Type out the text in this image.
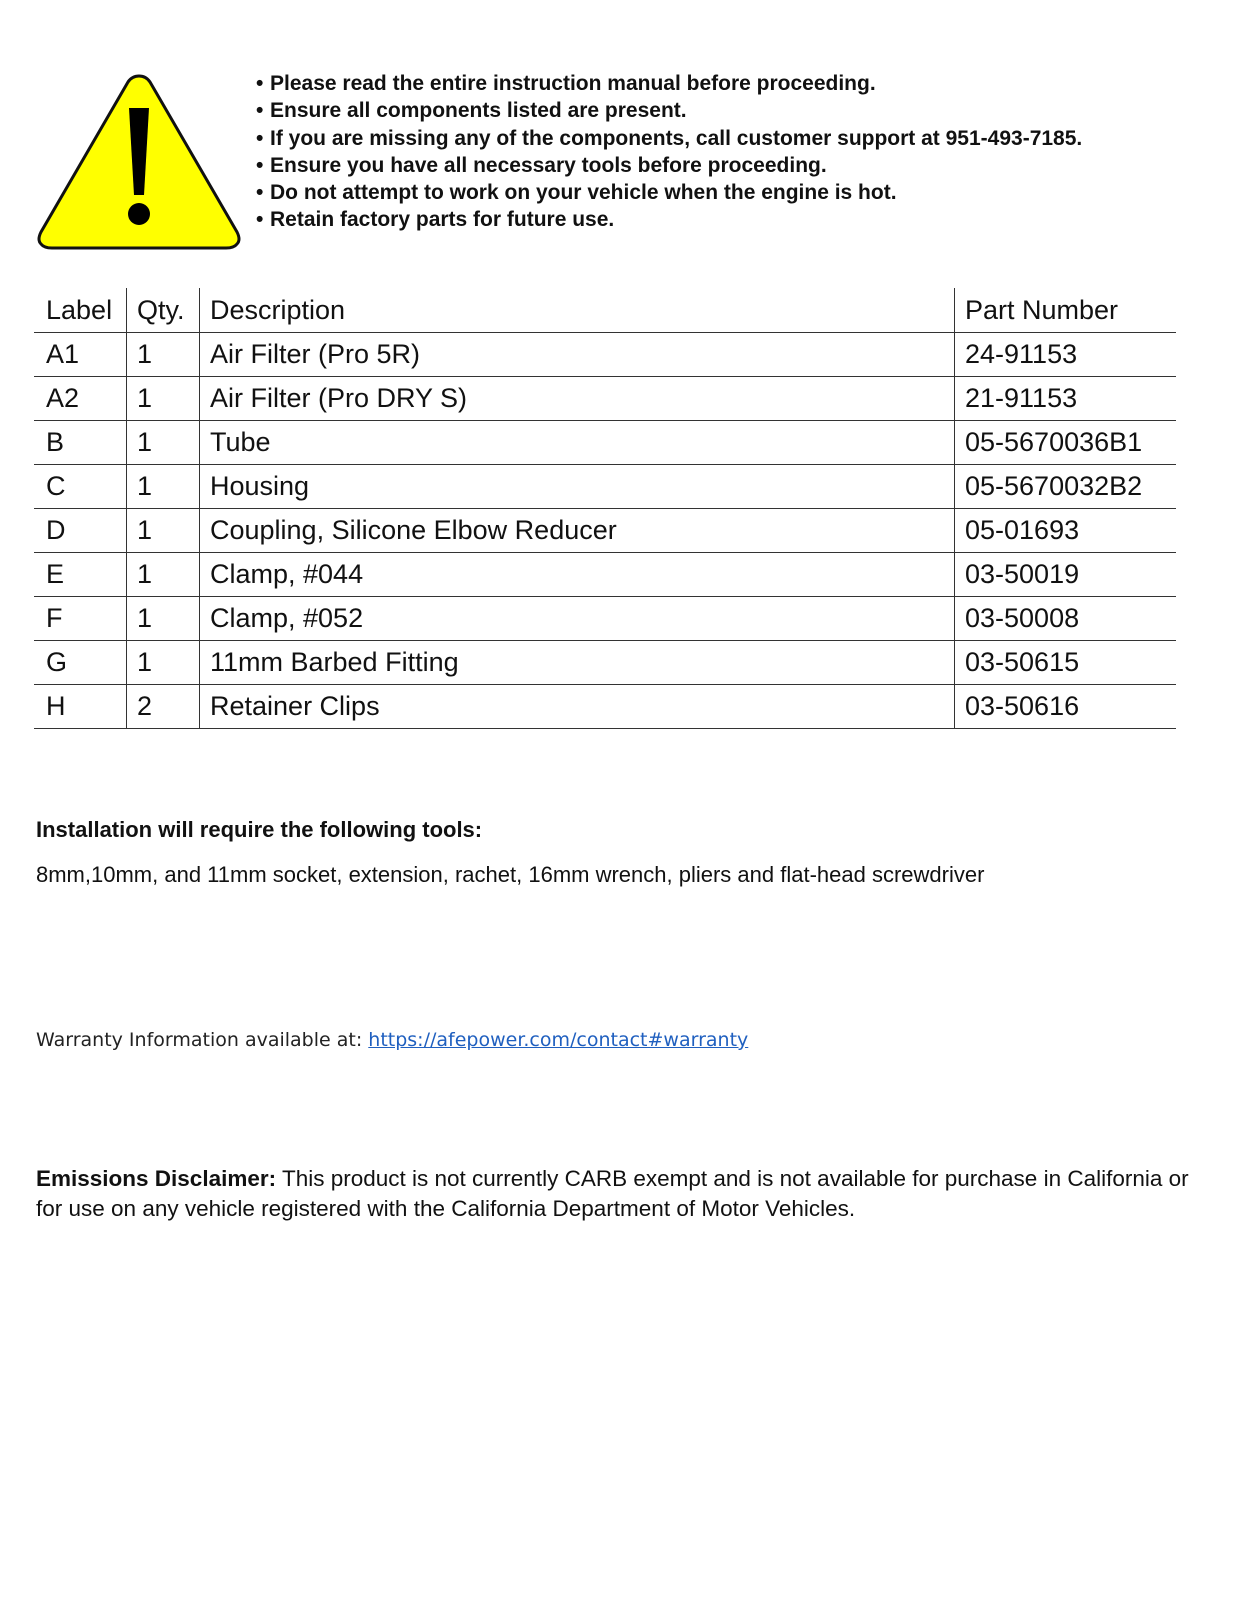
• Please read the entire instruction manual before proceeding.
• Ensure all components listed are present.
• If you are missing any of the components, call customer support at 951-493-7185.
• Ensure you have all necessary tools before proceeding.
• Do not attempt to work on your vehicle when the engine is hot.
• Retain factory parts for future use.
Label	Qty.	Description	Part Number
A1	1	Air Filter (Pro 5R)	24-91153
A2	1	Air Filter (Pro DRY S)	21-91153
B	1	Tube	05-5670036B1
C	1	Housing	05-5670032B2
D	1	Coupling, Silicone Elbow Reducer	05-01693
E	1	Clamp, #044	03-50019
F	1	Clamp, #052	03-50008
G	1	11mm Barbed Fitting	03-50615
H	2	Retainer Clips	03-50616
Installation will require the following tools:
8mm,10mm, and 11mm socket, extension, rachet, 16mm wrench, pliers and flat-head screwdriver
Warranty Information available at: https://afepower.com/contact#warranty
Emissions Disclaimer: This product is not currently CARB exempt and is not available for purchase in California or for use on any vehicle registered with the California Department of Motor Vehicles.
